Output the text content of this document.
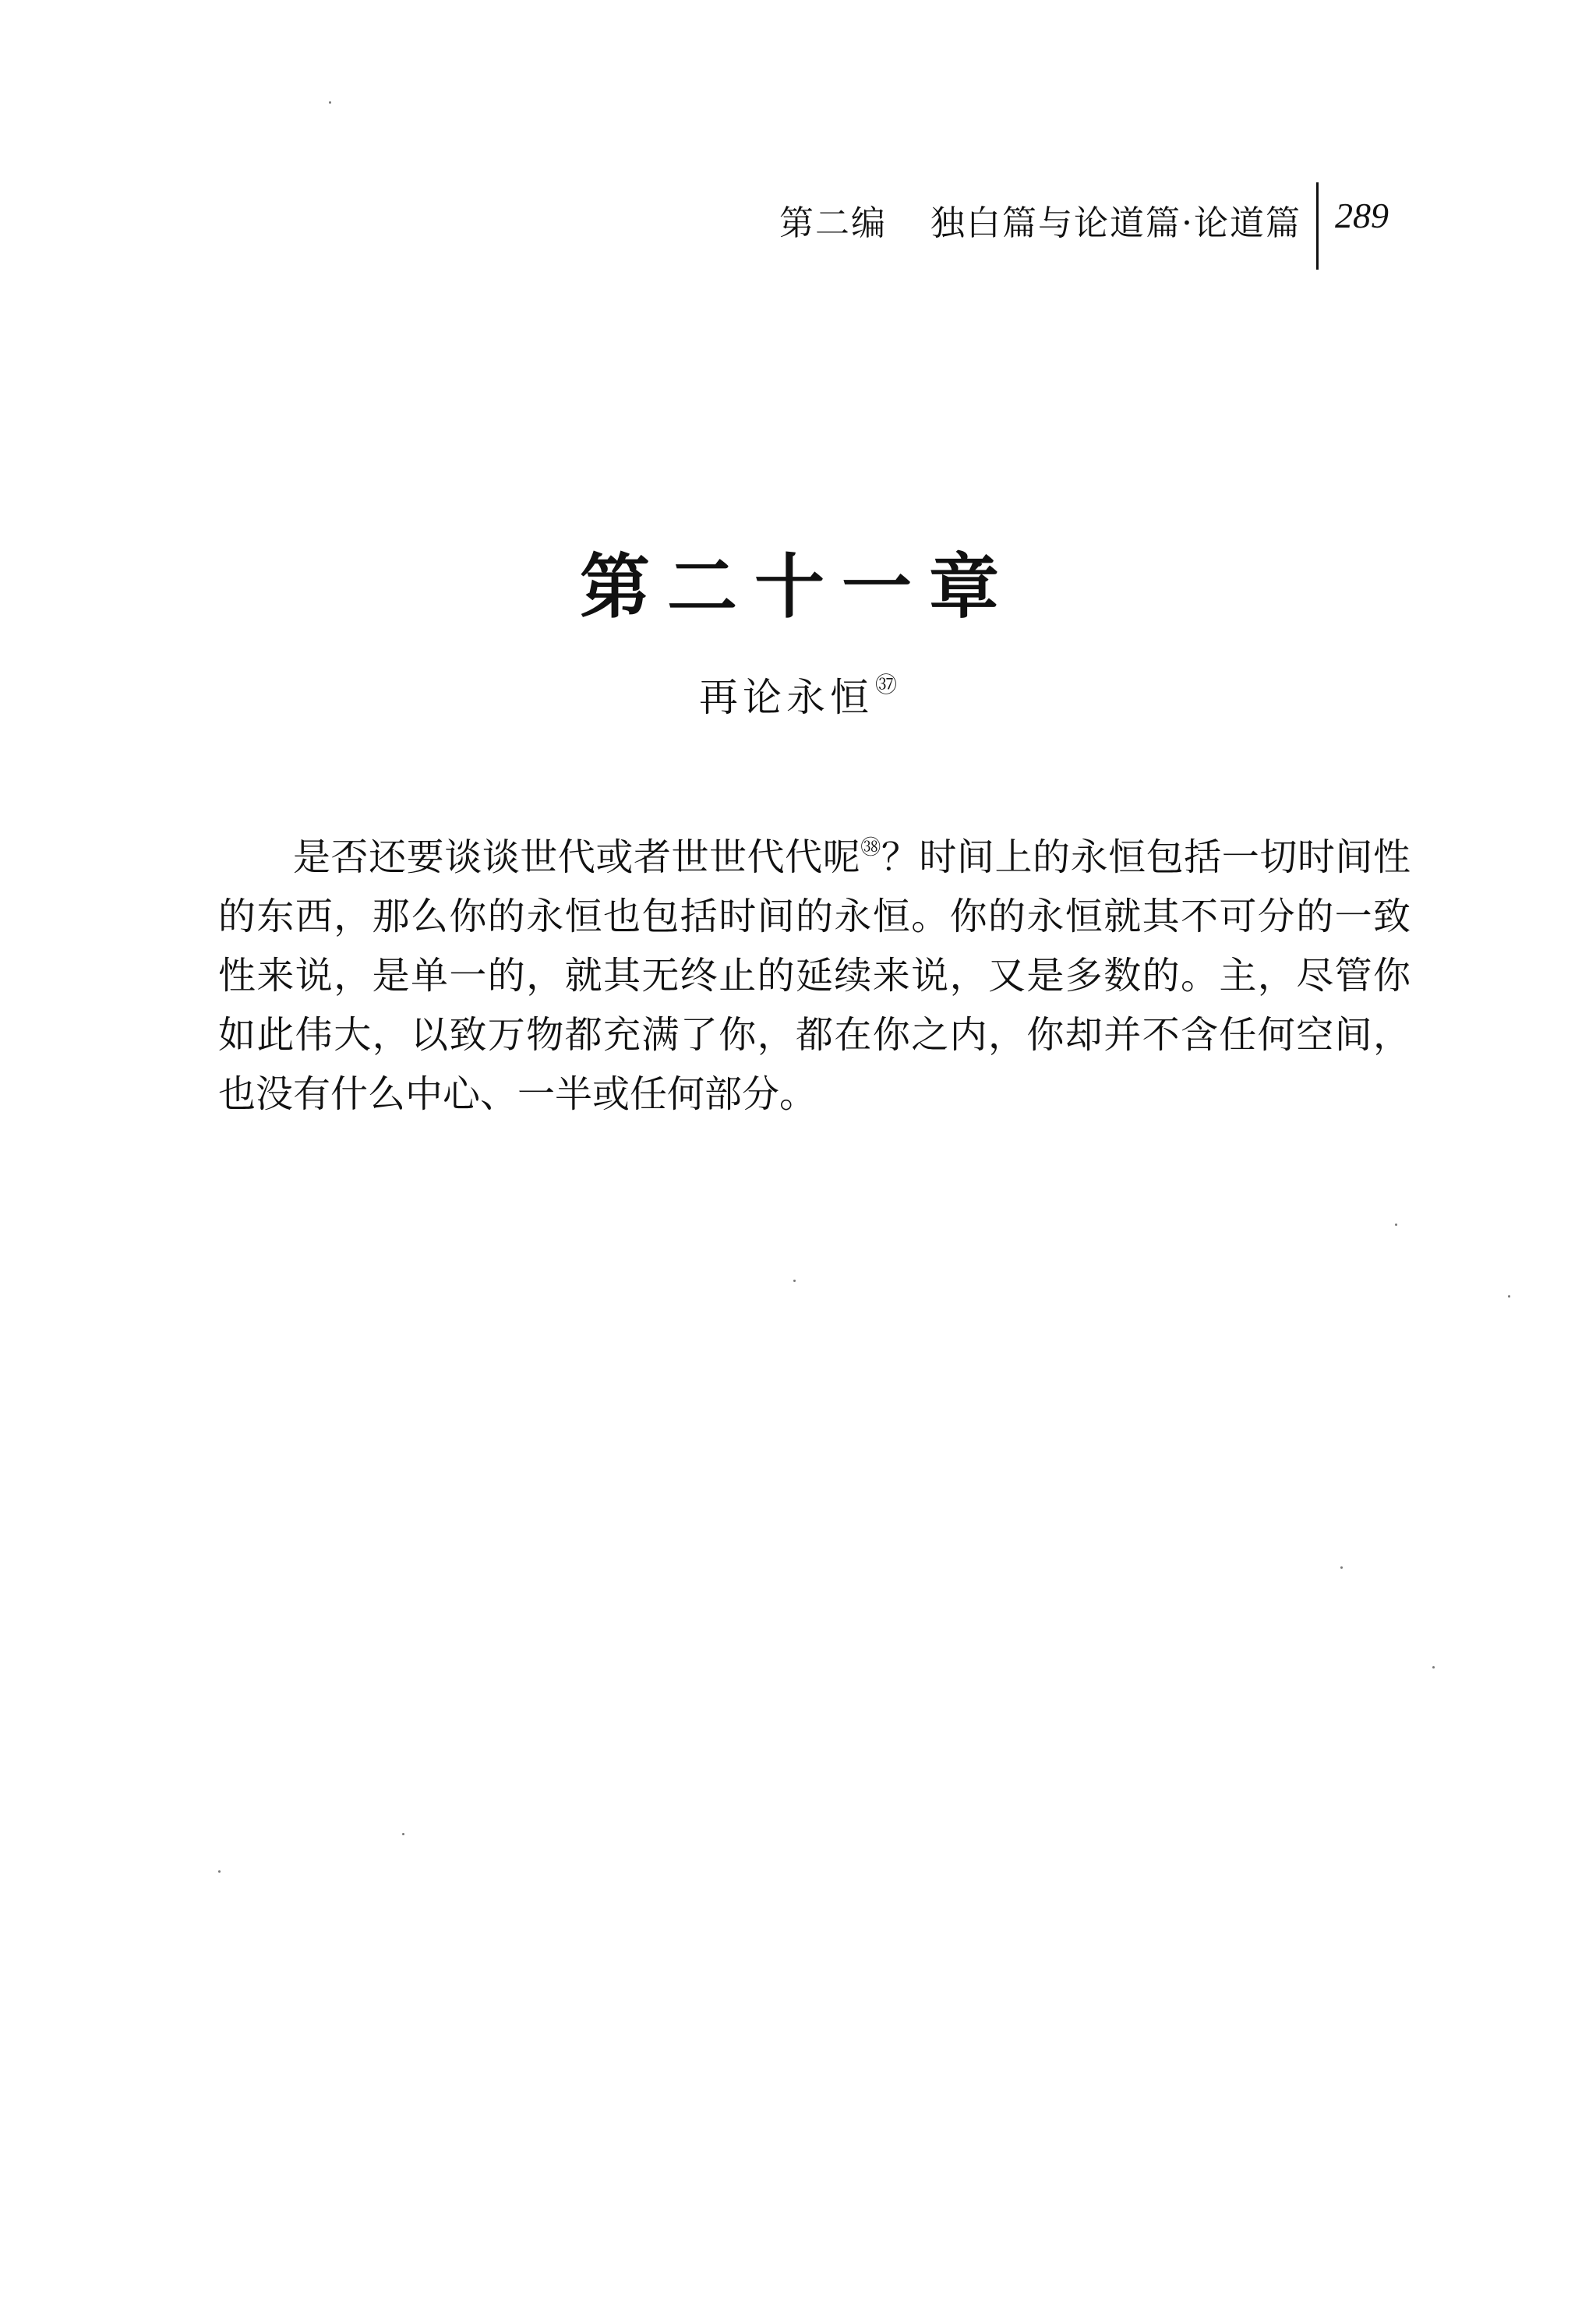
第二编 独白篇与论道篇·论道篇 289
第二十一章
再论永恒$^㊲$

是否还要谈谈世代或者世世代代呢$^㊳$？时间上的永恒包括一切时间性的东西，那么你的永恒也包括时间的永恒。你的永恒就其不可分的一致性来说，是单一的，就其无终止的延续来说，又是多数的。主，尽管你如此伟大，以致万物都充满了你，都在你之内，你却并不含任何空间，也没有什么中心、一半或任何部分。
